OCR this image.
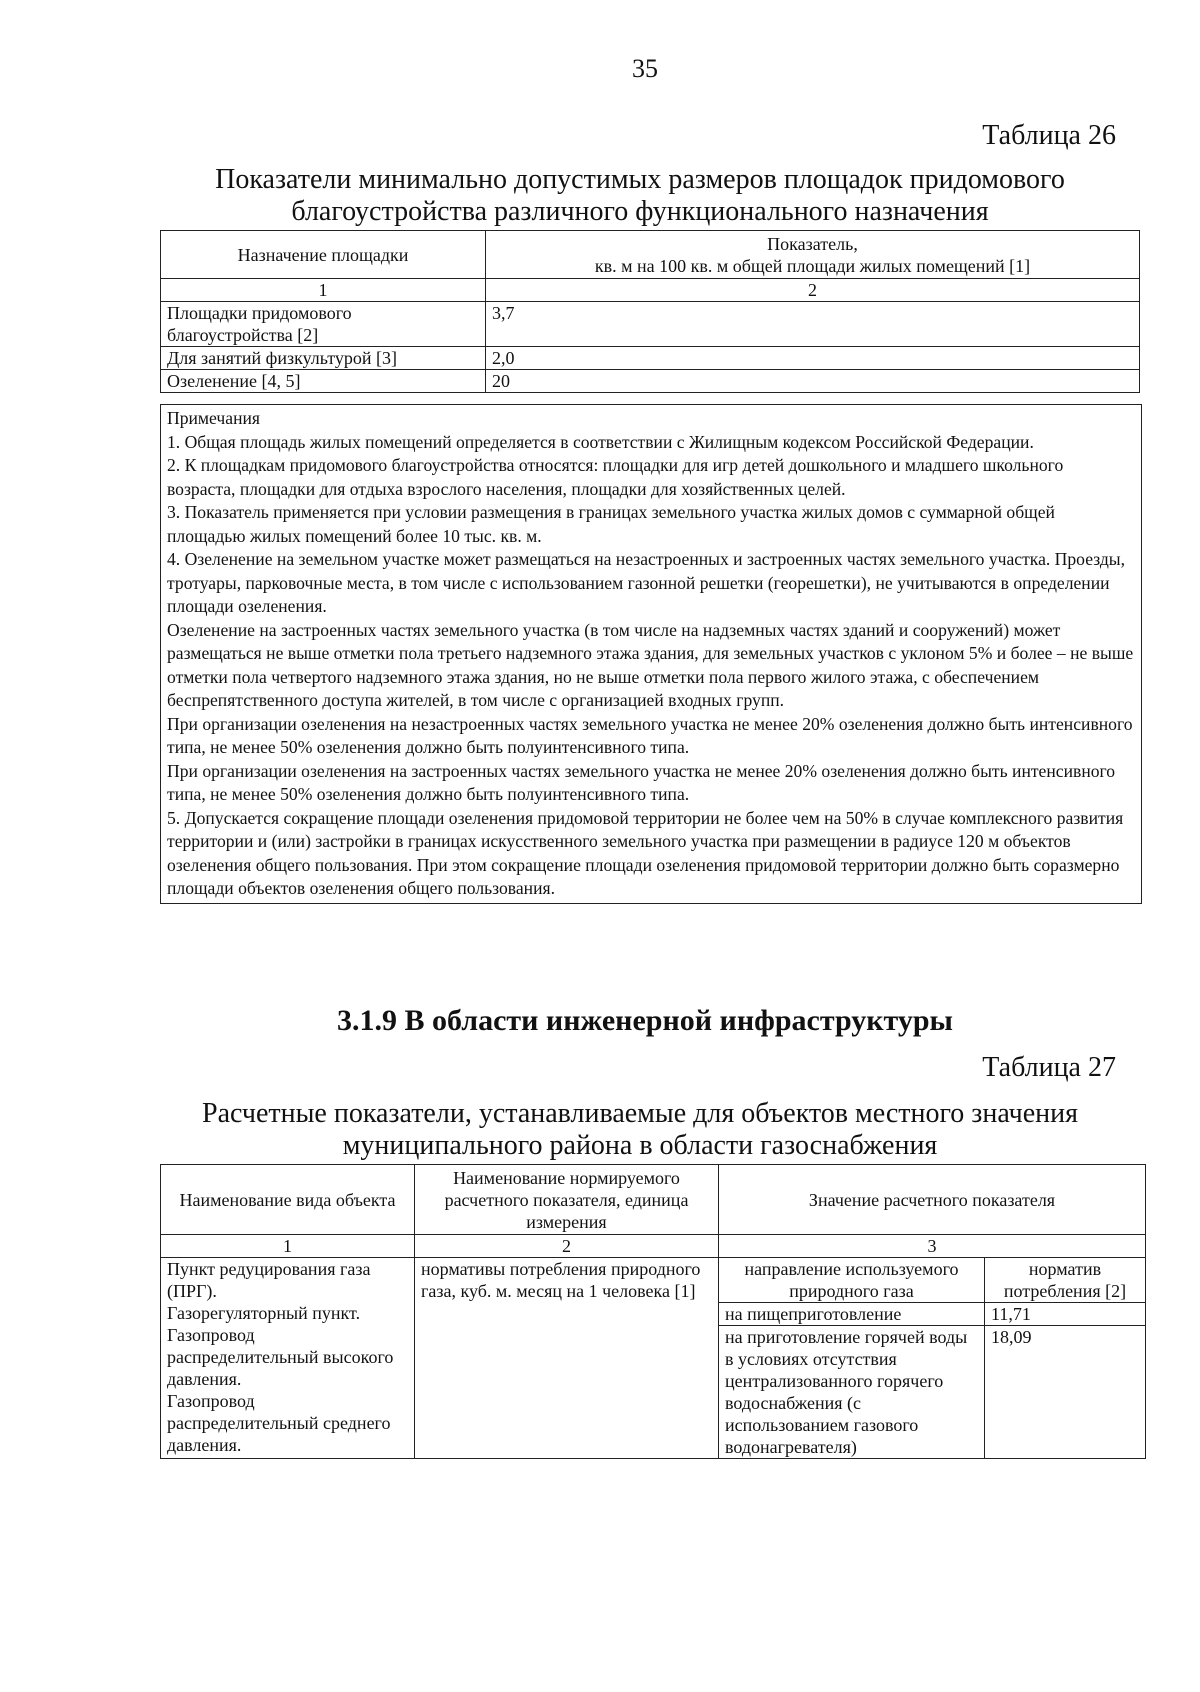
35
Таблица 26
Показатели минимально допустимых размеров площадок придомового благоустройства различного функционального назначения
Назначение площадки	Показатель,
кв. м на 100 кв. м общей площади жилых помещений [1]

1	2
Площадки придомового благоустройства [2]	3,7
Для занятий физкультурой [3]	2,0
Озеленение [4, 5]	20

Примечания

1. Общая площадь жилых помещений определяется в соответствии с Жилищным кодексом Российской Федерации.

2. К площадкам придомового благоустройства относятся: площадки для игр детей дошкольного и младшего школьного возраста, площадки для отдыха взрослого населения, площадки для хозяйственных целей.

3. Показатель применяется при условии размещения в границах земельного участка жилых домов с суммарной общей площадью жилых помещений более 10 тыс. кв. м.

4. Озеленение на земельном участке может размещаться на незастроенных и застроенных частях земельного участка. Проезды, тротуары, парковочные места, в том числе с использованием газонной решетки (георешетки), не учитываются в определении площади озеленения.

Озеленение на застроенных частях земельного участка (в том числе на надземных частях зданий и сооружений) может размещаться не выше отметки пола третьего надземного этажа здания, для земельных участков с уклоном 5% и более – не выше отметки пола четвертого надземного этажа здания, но не выше отметки пола первого жилого этажа, с обеспечением беспрепятственного доступа жителей, в том числе с организацией входных групп.

При организации озеленения на незастроенных частях земельного участка не менее 20% озеленения должно быть интенсивного типа, не менее 50% озеленения должно быть полуинтенсивного типа.

При организации озеленения на застроенных частях земельного участка не менее 20% озеленения должно быть интенсивного типа, не менее 50% озеленения должно быть полуинтенсивного типа.

5. Допускается сокращение площади озеленения придомовой территории не более чем на 50% в случае комплексного развития территории и (или) застройки в границах искусственного земельного участка при размещении в радиусе 120 м объектов озеленения общего пользования. При этом сокращение площади озеленения придомовой территории должно быть соразмерно площади объектов озеленения общего пользования.

3.1.9 В области инженерной инфраструктуры
Таблица 27
Расчетные показатели, устанавливаемые для объектов местного значения муниципального района в области газоснабжения
Наименование вида объекта	Наименование нормируемого расчетного показателя, единица измерения	Значение расчетного показателя	
1	2	3	
Пункт редуцирования газа (ПРГ).
Газорегуляторный пункт.
Газопровод распределительный высокого давления.
Газопровод распределительный среднего давления.	нормативы потребления природного газа, куб. м. месяц на 1 человека [1]	направление используемого природного газа	норматив потребления [2]
		на пищеприготовление	11,71
		на приготовление горячей воды в условиях отсутствия централизованного горячего водоснабжения (с использованием газового водонагревателя)	18,09
